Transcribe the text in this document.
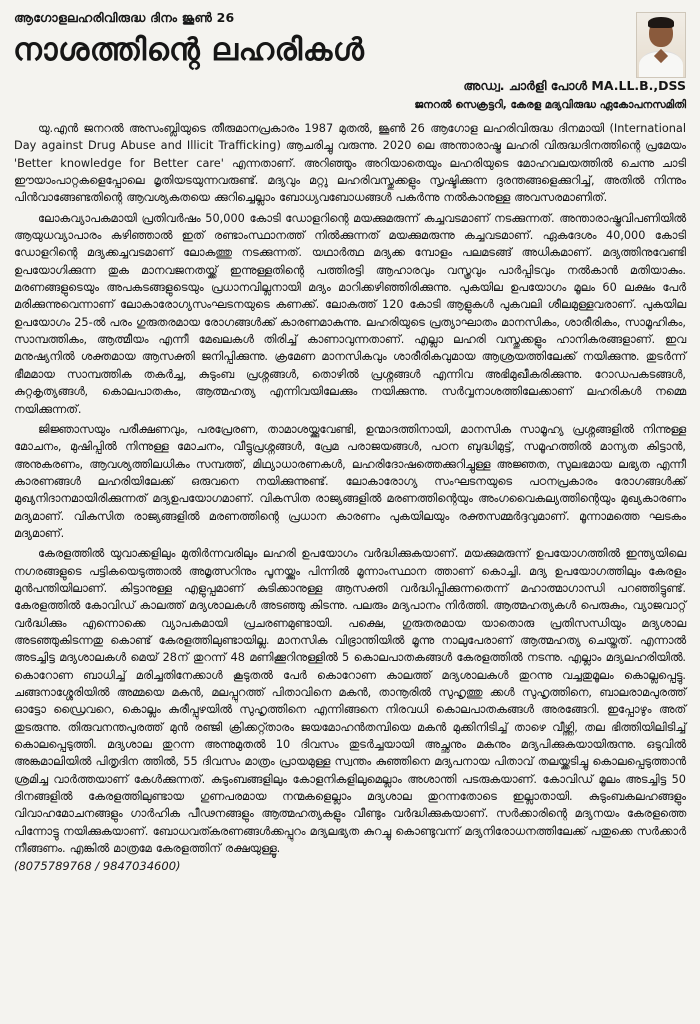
ആഗോളലഹരിവിരുദ്ധ ദിനം ജൂൺ 26
നാശത്തിന്റെ ലഹരികൾ
അഡ്വ. ചാർളി പോൾ MA.LL.B.,DSS
ജനറൽ സെക്രട്ടറി, കേരള മദ്യവിരുദ്ധ ഏകോപനസമിതി

യു.എൻ ജനറൽ അസംബ്ലിയുടെ തീരുമാനപ്രകാരം 1987 മുതൽ, ജൂൺ 26 ആഗോള ലഹരിവിരുദ്ധ ദിനമായി (International Day against Drug Abuse and Illicit Trafficking) ആചരിച്ചു വരുന്നു. 2020 ലെ അന്താരാഷ്ട്ര ലഹരി വിരുദ്ധദിനത്തിന്റെ പ്രമേയം 'Better knowledge for Better care' എന്നതാണ്. അറിഞ്ഞും അറിയാതെയും ലഹരിയുടെ മോഹവലയത്തിൽ ചെന്നു ചാടി ഈയാംപാറ്റകളെപ്പോലെ മൃതിയടയുന്നവരുണ്ട്. മദ്യവും മറ്റു ലഹരിവസ്തുക്കളും സൃഷ്ടിക്കുന്ന ദുരന്തങ്ങളെക്കുറിച്ച്, അതിൽ നിന്നും പിൻവാങ്ങേണ്ടതിന്റെ ആവശ്യകതയെ ക്കുറിച്ചെല്ലാം ബോധ്യവബോധങ്ങൾ പകർന്നു നൽകാനുള്ള അവസരമാണിത്.

ലോകവ്യാപകമായി പ്രതിവർഷം 50,000 കോടി ഡോളറിന്റെ മയക്കുമരുന്ന് കച്ചവടമാണ് നടക്കുന്നത്. അന്താരാഷ്ട്രവിപണിയിൽ ആയുധവ്യാപാരം കഴിഞ്ഞാൽ ഇത് രണ്ടാംസ്ഥാനത്ത് നിൽക്കുന്നത് മയക്കുമരുന്നു കച്ചവടമാണ്. ഏകദേശം 40,000 കോടി ഡോളറിന്റെ മദ്യക്കച്ചവടമാണ് ലോകത്തു നടക്കുന്നത്. യഥാർത്ഥ മദ്യക്ക മ്പോളം പലമടങ്ങ് അധികമാണ്. മദ്യത്തിനുവേണ്ടി ഉപയോഗിക്കുന്ന തുക മാനവജനതയ്ക്ക് ഇന്നുള്ളതിന്റെ പത്തിരട്ടി ആഹാരവും വസ്ത്രവും പാർപ്പിടവും നൽകാൻ മതിയാകും. മരണങ്ങളുടെയും അപകടങ്ങളുടെയും പ്രധാനവില്ലനായി മദ്യം മാറിക്കഴിഞ്ഞിരിക്കുന്നു. പുകയില ഉപയോഗം മൂലം 60 ലക്ഷം പേർ മരിക്കുന്നുവെന്നാണ് ലോകാരോഗ്യസംഘടനയുടെ കണക്ക്. ലോകത്ത് 120 കോടി ആളുകൾ പുകവലി ശീലമുള്ളവരാണ്. പുകയില ഉപയോഗം 25-ൽ പരം ഗുരുതരമായ രോഗങ്ങൾക്ക് കാരണമാകുന്നു. ലഹരിയുടെ പ്രത്യാഘാതം മാനസികം, ശാരീരികം, സാമൂഹികം, സാമ്പത്തികം, ആത്മീയം എന്നീ മേഖലകൾ തിരിച്ച് കാണാവുന്നതാണ്. എല്ലാ ലഹരി വസ്തുക്കളും ഹാനികരങ്ങളാണ്. ഇവ മനുഷ്യനിൽ ശക്തമായ ആസക്തി ജനിപ്പിക്കുന്നു. ക്രമേണ മാനസികവും ശാരീരികവുമായ ആശ്രയത്തിലേക്ക് നയിക്കുന്നു. തുടർന്ന് ഭീമമായ സാമ്പത്തിക തകർച്ച, കുടുംബ പ്രശ്നങ്ങൾ, തൊഴിൽ പ്രശ്നങ്ങൾ എന്നിവ അഭിമുഖീകരിക്കുന്നു. റോഡപകടങ്ങൾ, കുറ്റകൃത്യങ്ങൾ, കൊലപാതകം, ആത്മഹത്യ എന്നിവയിലേക്കും നയിക്കുന്നു. സർവ്വനാശത്തിലേക്കാണ് ലഹരികൾ നമ്മെ നയിക്കുന്നത്.

ജിജ്ഞാസയും പരീക്ഷണവും, പരപ്രേരണ, താമാശയ്ക്കുവേണ്ടി, ഉന്മാദത്തിനായി, മാനസിക സാമൂഹ്യ പ്രശ്നങ്ങളിൽ നിന്നുള്ള മോചനം, മുഷിപ്പിൽ നിന്നുള്ള മോചനം, വീട്ടുപ്രശ്നങ്ങൾ, പ്രേമ പരാജയങ്ങൾ, പഠന ബുദ്ധിമുട്ട്, സമൂഹത്തിൽ മാന്യത കിട്ടാൻ, അനുകരണം, ആവശ്യത്തിലധികം സമ്പത്ത്, മിഥ്യാധാരണകൾ, ലഹരിദോഷത്തെക്കുറിച്ചുള്ള അജ്ഞത, സുലഭമായ ലഭ്യത എന്നീ കാരണങ്ങൾ ലഹരിയിലേക്ക് ഒരുവനെ നയിക്കുന്നുണ്ട്. ലോകാരോഗ്യ സംഘടനയുടെ പഠനപ്രകാരം രോഗങ്ങൾക്ക് മുഖ്യനിദാനമായിരിക്കുന്നത് മദ്യഉപയോഗമാണ്. വികസിത രാജ്യങ്ങളിൽ മരണത്തിന്റെയും അംഗവൈകല്യത്തിന്റെയും മുഖ്യകാരണം മദ്യമാണ്. വികസിത രാജ്യങ്ങളിൽ മരണത്തിന്റെ പ്രധാന കാരണം പുകയിലയും രക്തസമ്മർദ്ദവുമാണ്. മൂന്നാമത്തെ ഘടകം മദ്യമാണ്.

കേരളത്തിൽ യുവാക്കളിലും മുതിർന്നവരിലും ലഹരി ഉപയോഗം വർദ്ധിക്കുകയാണ്. മയക്കുമരുന്ന് ഉപയോഗത്തിൽ ഇന്ത്യയിലെ നഗരങ്ങളുടെ പട്ടികയെടുത്താൽ അമൃത്സറിനും പൂനയ്ക്കും പിന്നിൽ മൂന്നാംസ്ഥാന ത്താണ് കൊച്ചി. മദ്യ ഉപയോഗത്തിലും കേരളം മുൻപന്തിയിലാണ്. കിട്ടാനുള്ള എളുപ്പമാണ് കുടിക്കാനുള്ള ആസക്തി വർദ്ധിപ്പിക്കുന്നതെന്ന് മഹാത്മാഗാന്ധി പറഞ്ഞിട്ടുണ്ട്. കേരളത്തിൽ കോവിഡ് കാലത്ത് മദ്യശാലകൾ അടഞ്ഞു കിടന്നു. പലരും മദ്യപാനം നിർത്തി. ആത്മഹത്യകൾ പെരുകും, വ്യാജവാറ്റ് വർദ്ധിക്കും എന്നൊക്കെ വ്യാപകമായി പ്രചരണമുണ്ടായി. പക്ഷെ, ഗുരുതരമായ യാതൊരു പ്രതിസന്ധിയും മദ്യശാല അടഞ്ഞുകിടന്നതു കൊണ്ട് കേരളത്തിലുണ്ടായില്ല. മാനസിക വിഭ്രാന്തിയിൽ മൂന്നു നാലുപേരാണ് ആത്മഹത്യ ചെയ്തത്. എന്നാൽ അടച്ചിട്ട മദ്യശാലകൾ മെയ് 28ന് തുറന്ന് 48 മണിക്കൂറിനുള്ളിൽ 5 കൊലപാതകങ്ങൾ കേരളത്തിൽ നടന്നു. എല്ലാം മദ്യലഹരിയിൽ. കൊറോണ ബാധിച്ച് മരിച്ചതിനേക്കാൾ കൂടുതൽ പേർ കൊറോണ കാലത്ത് മദ്യശാലകൾ തുറന്നു വച്ചതുമൂലം കൊല്ലപ്പെട്ടു. ചങ്ങനാശ്ശേരിയിൽ അമ്മയെ മകൻ, മലപ്പുറത്ത് പിതാവിനെ മകൻ, താനൂരിൽ സുഹൃത്തു ക്കൾ സുഹൃത്തിനെ, ബാലരാമപുരത്ത് ഓട്ടോ ഡ്രൈവറെ, കൊല്ലം കുരീപ്പുഴയിൽ സുഹൃത്തിനെ എന്നിങ്ങനെ നിരവധി കൊലപാതകങ്ങൾ അരങ്ങേറി. ഇപ്പോഴും അത് തുടരുന്നു. തിരുവനന്തപുരത്ത് മുൻ രഞ്ജി ക്രിക്കറ്റ്താരം ജയമോഹൻതമ്പിയെ മകൻ മുക്കിനിടിച്ച് താഴെ വീഴ്ത്തി, തല ഭിത്തിയിലിടിച്ച് കൊലപ്പെടുത്തി. മദ്യശാല തുറന്ന അന്നുമുതൽ 10 ദിവസം തുടർച്ചയായി അച്ഛനും മകനും മദ്യപിക്കുകയായിരുന്നു. ഒടുവിൽ അങ്കമാലിയിൽ പിതൃദിന ത്തിൽ, 55 ദിവസം മാത്രം പ്രായമുള്ള സ്വന്തം കുഞ്ഞിനെ മദ്യപനായ പിതാവ് തലയ്ക്കടിച്ചു കൊലപ്പെടുത്താൻ ശ്രമിച്ച വാർത്തയാണ് കേൾക്കുന്നത്. കുടുംബങ്ങളിലും കോളനികളിലുമെല്ലാം അശാന്തി പടരുകയാണ്. കോവിഡ് മൂലം അടച്ചിട്ട 50 ദിനങ്ങളിൽ കേരളത്തിലുണ്ടായ ഗുണപരമായ നന്മകളെല്ലാം മദ്യശാല തുറന്നതോടെ ഇല്ലാതായി. കുടുംബകലഹങ്ങളും വിവാഹമോചനങ്ങളും ഗാർഹിക പീഢനങ്ങളും ആത്മഹത്യകളും വീണ്ടും വർദ്ധിക്കുകയാണ്. സർക്കാരിന്റെ മദ്യനയം കേരളത്തെ പിന്നോട്ടു നയിക്കുകയാണ്. ബോധവത്കരണങ്ങൾക്കപ്പുറം മദ്യലഭ്യത കുറച്ചു കൊണ്ടുവന്ന് മദ്യനിരോധനത്തിലേക്ക് പതുക്കെ സർക്കാർ നീങ്ങണം. എങ്കിൽ മാത്രമേ കേരളത്തിന് രക്ഷയുള്ളൂ.

(8075789768 / 9847034600)
